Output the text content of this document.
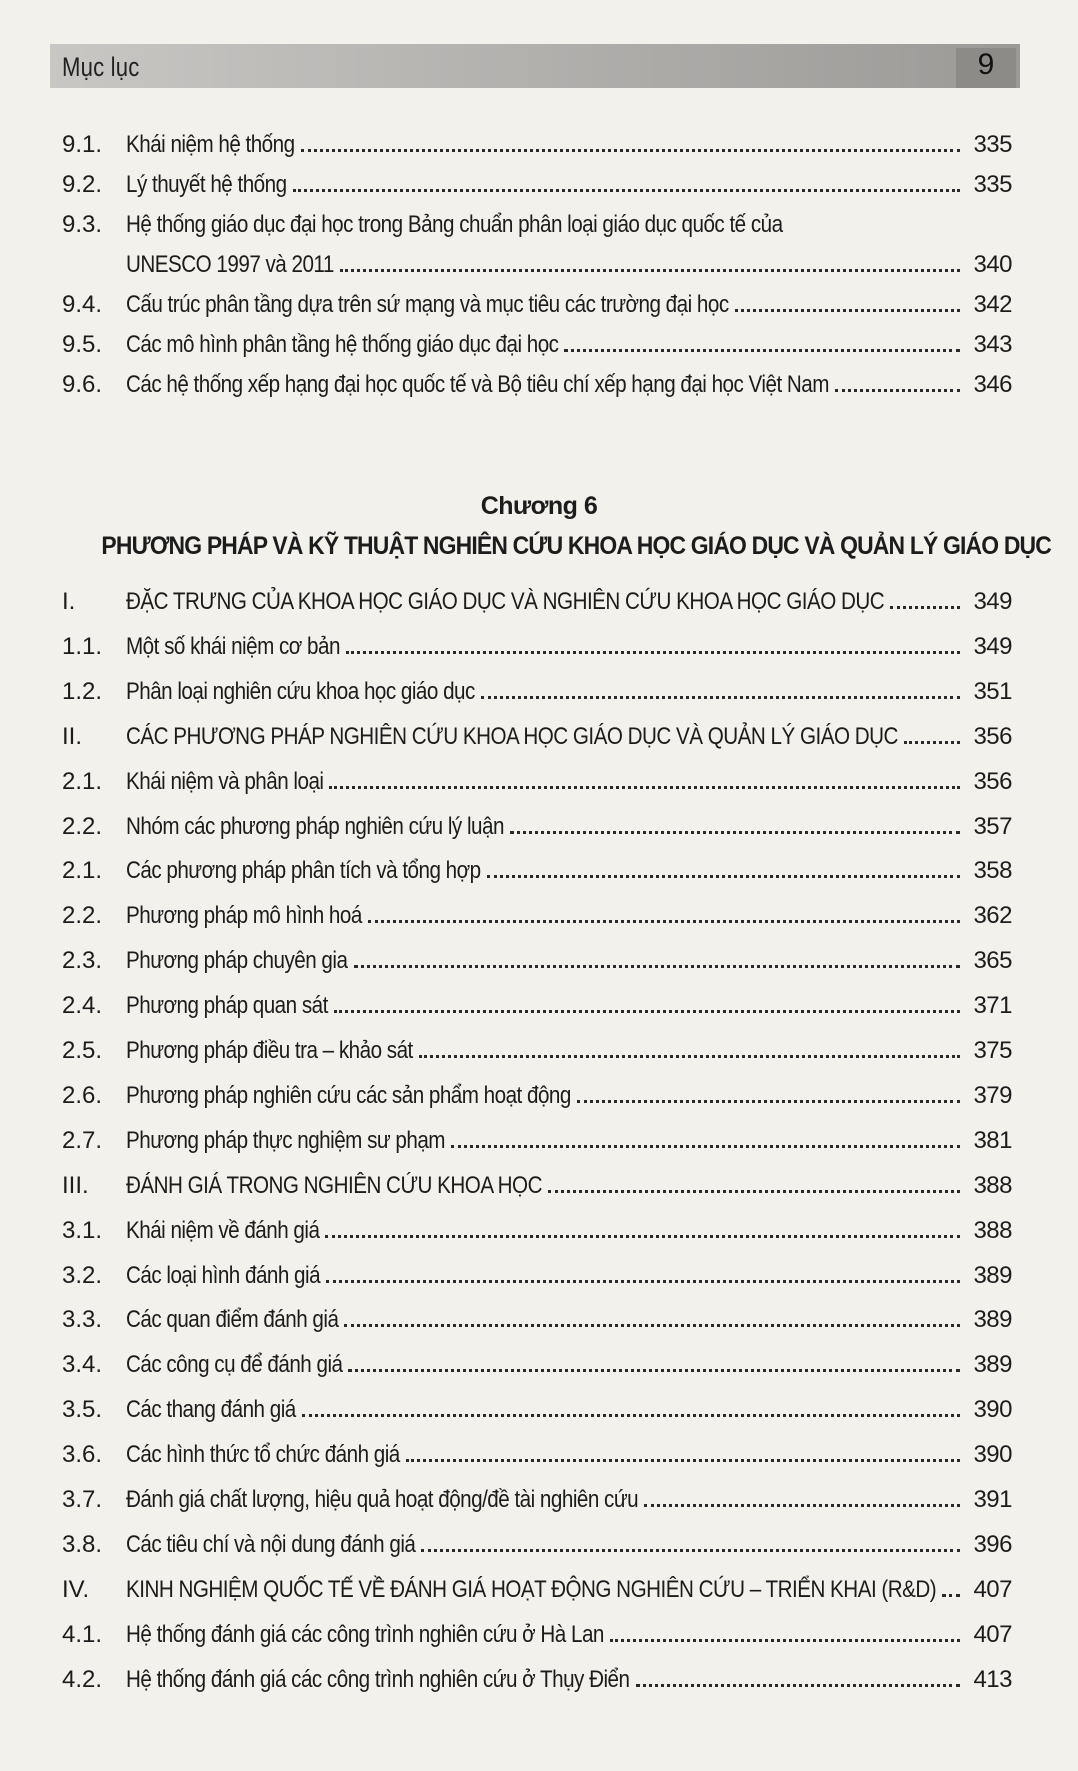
Mục lục	9
9.1. Khái niệm hệ thống	335
9.2. Lý thuyết hệ thống	335
9.3. Hệ thống giáo dục đại học trong Bảng chuẩn phân loại giáo dục quốc tế của
UNESCO 1997 và 2011	340
9.4. Cấu trúc phân tầng dựa trên sứ mạng và mục tiêu các trường đại học	342
9.5. Các mô hình phân tầng hệ thống giáo dục đại học	343
9.6. Các hệ thống xếp hạng đại học quốc tế và Bộ tiêu chí xếp hạng đại học Việt Nam	346
Chương 6
PHƯƠNG PHÁP VÀ KỸ THUẬT NGHIÊN CỨU KHOA HỌC GIÁO DỤC VÀ QUẢN LÝ GIÁO DỤC
I.	ĐẶC TRƯNG CỦA KHOA HỌC GIÁO DỤC VÀ NGHIÊN CỨU KHOA HỌC GIÁO DỤC	349
1.1. Một số khái niệm cơ bản	349
1.2. Phân loại nghiên cứu khoa học giáo dục	351
II.	CÁC PHƯƠNG PHÁP NGHIÊN CỨU KHOA HỌC GIÁO DỤC VÀ QUẢN LÝ GIÁO DỤC	356
2.1. Khái niệm và phân loại	356
2.2. Nhóm các phương pháp nghiên cứu lý luận	357
2.1. Các phương pháp phân tích và tổng hợp	358
2.2. Phương pháp mô hình hoá	362
2.3. Phương pháp chuyên gia	365
2.4. Phương pháp quan sát	371
2.5. Phương pháp điều tra – khảo sát	375
2.6. Phương pháp nghiên cứu các sản phẩm hoạt động	379
2.7. Phương pháp thực nghiệm sư phạm	381
III.	ĐÁNH GIÁ TRONG NGHIÊN CỨU KHOA HỌC	388
3.1. Khái niệm về đánh giá	388
3.2. Các loại hình đánh giá	389
3.3. Các quan điểm đánh giá	389
3.4. Các công cụ để đánh giá	389
3.5. Các thang đánh giá	390
3.6. Các hình thức tổ chức đánh giá	390
3.7. Đánh giá chất lượng, hiệu quả hoạt động/đề tài nghiên cứu	391
3.8. Các tiêu chí và nội dung đánh giá	396
IV.	KINH NGHIỆM QUỐC TẾ VỀ ĐÁNH GIÁ HOẠT ĐỘNG NGHIÊN CỨU – TRIỂN KHAI (R&D)	407
4.1. Hệ thống đánh giá các công trình nghiên cứu ở Hà Lan	407
4.2. Hệ thống đánh giá các công trình nghiên cứu ở Thụy Điển	413
